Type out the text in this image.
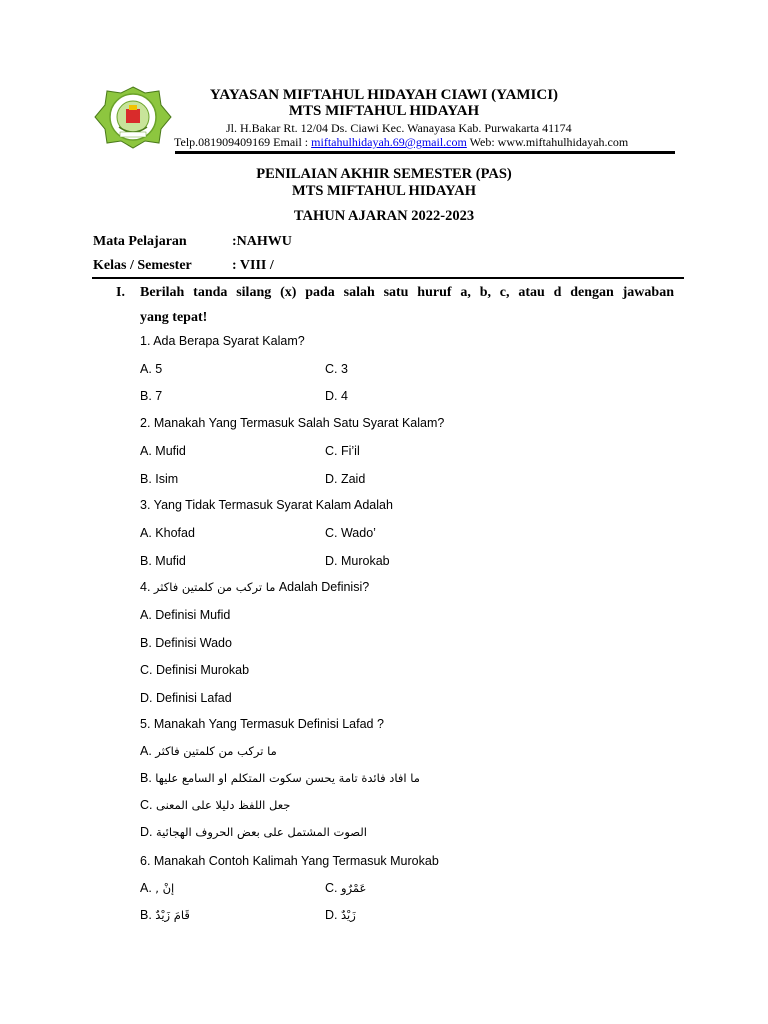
YAYASAN MIFTAHUL HIDAYAH CIAWI (YAMICI)
MTS MIFTAHUL HIDAYAH
Jl. H.Bakar Rt. 12/04 Ds. Ciawi Kec. Wanayasa Kab. Purwakarta 41174
Telp.081909409169 Email : miftahulhidayah.69@gmail.com Web: www.miftahulhidayah.com
PENILAIAN AKHIR SEMESTER (PAS)
MTS MIFTAHUL HIDAYAH
TAHUN AJARAN 2022-2023
Mata Pelajaran	:NAHWU
Kelas / Semester	: VIII /
I. Berilah tanda silang (x) pada salah satu huruf a, b, c, atau d dengan jawaban
yang tepat!
1. Ada Berapa Syarat Kalam?
A. 5	C. 3
B. 7	D. 4
2. Manakah Yang Termasuk Salah Satu Syarat Kalam?
A. Mufid	C. Fi’il
B. Isim	D. Zaid
3. Yang Tidak Termasuk Syarat Kalam Adalah
A. Khofad	C. Wado’
B. Mufid	D. Murokab
4. ما تركب من كلمتين فاكثر Adalah Definisi?
A. Definisi Mufid
B. Definisi Wado
C. Definisi Murokab
D. Definisi Lafad
5. Manakah Yang Termasuk Definisi Lafad ?
A. ما تركب من كلمتين فاكثر
B. ما افاد فائدة تامة يحسن سكوت المتكلم او السامع عليها
C. جعل اللفظ دليلا على المعنى
D. الصوت المشتمل على بعض الحروف الهجائية
6. Manakah Contoh Kalimah Yang Termasuk Murokab
A. إنْ ,	C. عَمْرٌو
B. قَامَ زَيْدٌ	D. زَيْدٌ
